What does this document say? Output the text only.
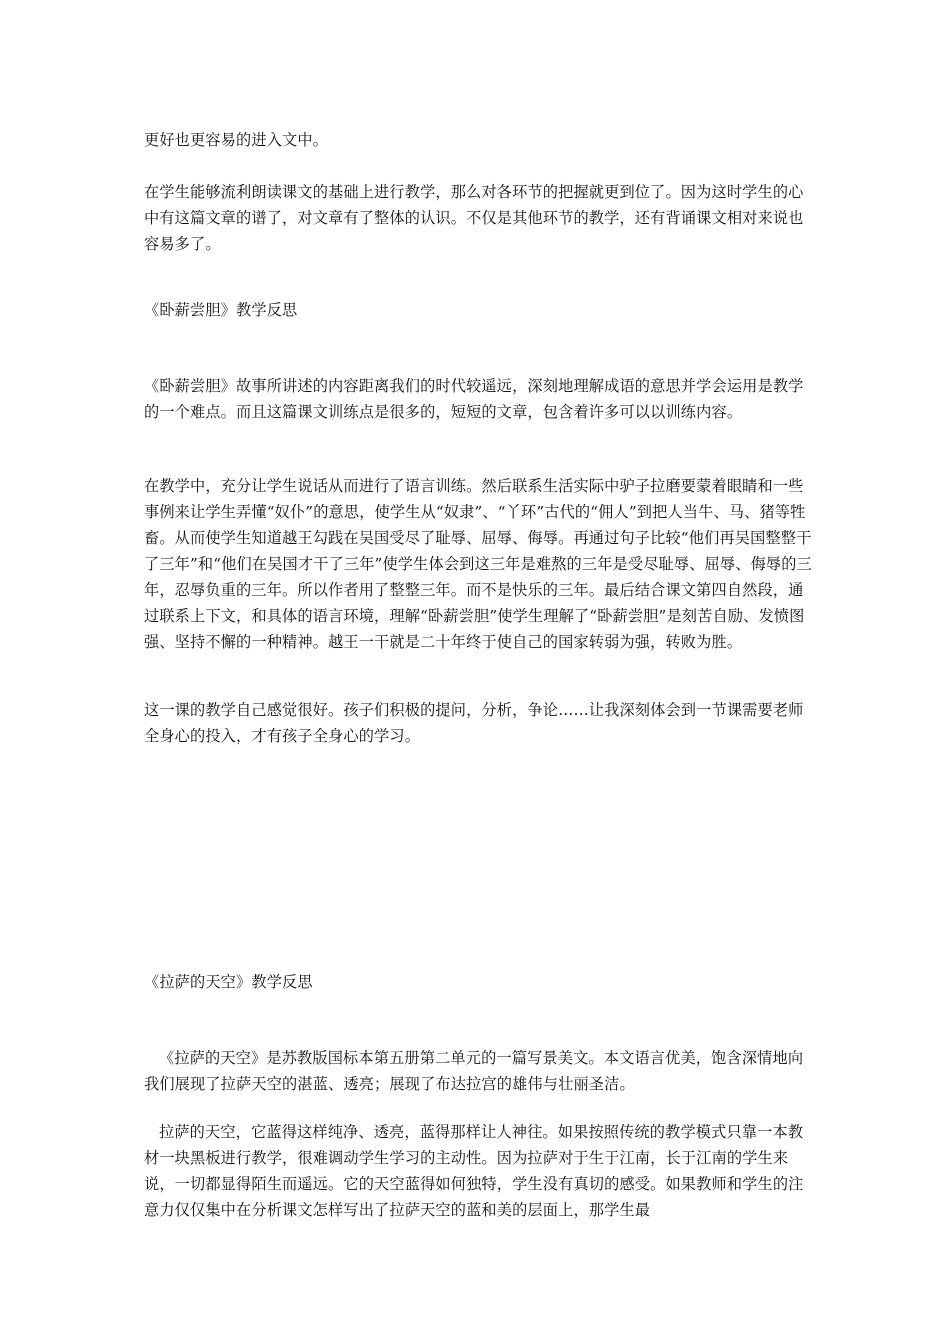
更好也更容易的进入文中。

在学生能够流利朗读课文的基础上进行教学，那么对各环节的把握就更到位了。因为这时学生的心中有这篇文章的谱了，对文章有了整体的认识。不仅是其他环节的教学，还有背诵课文相对来说也容易多了。

《卧薪尝胆》教学反思

《卧薪尝胆》故事所讲述的内容距离我们的时代较遥远，深刻地理解成语的意思并学会运用是教学的一个难点。而且这篇课文训练点是很多的，短短的文章，包含着许多可以以训练内容。

在教学中，充分让学生说话从而进行了语言训练。然后联系生活实际中驴子拉磨要蒙着眼睛和一些事例来让学生弄懂“奴仆”的意思，使学生从“奴隶”、“丫环”古代的“佣人”到把人当牛、马、猪等牲畜。从而使学生知道越王勾践在吴国受尽了耻辱、屈辱、侮辱。再通过句子比较“他们再吴国整整干了三年”和“他们在吴国才干了三年”使学生体会到这三年是难熬的三年是受尽耻辱、屈辱、侮辱的三年，忍辱负重的三年。所以作者用了整整三年。而不是快乐的三年。最后结合课文第四自然段，通过联系上下文，和具体的语言环境，理解“卧薪尝胆”使学生理解了“卧薪尝胆”是刻苦自励、发愤图强、坚持不懈的一种精神。越王一干就是二十年终于使自己的国家转弱为强，转败为胜。

这一课的教学自己感觉很好。孩子们积极的提问，分析，争论……让我深刻体会到一节课需要老师全身心的投入，才有孩子全身心的学习。

《拉萨的天空》教学反思

《拉萨的天空》是苏教版国标本第五册第二单元的一篇写景美文。本文语言优美，饱含深情地向我们展现了拉萨天空的湛蓝、透亮；展现了布达拉宫的雄伟与壮丽圣洁。

拉萨的天空，它蓝得这样纯净、透亮，蓝得那样让人神往。如果按照传统的教学模式只靠一本教材一块黑板进行教学，很难调动学生学习的主动性。因为拉萨对于生于江南，长于江南的学生来说，一切都显得陌生而遥远。它的天空蓝得如何独特，学生没有真切的感受。如果教师和学生的注意力仅仅集中在分析课文怎样写出了拉萨天空的蓝和美的层面上，那学生最
